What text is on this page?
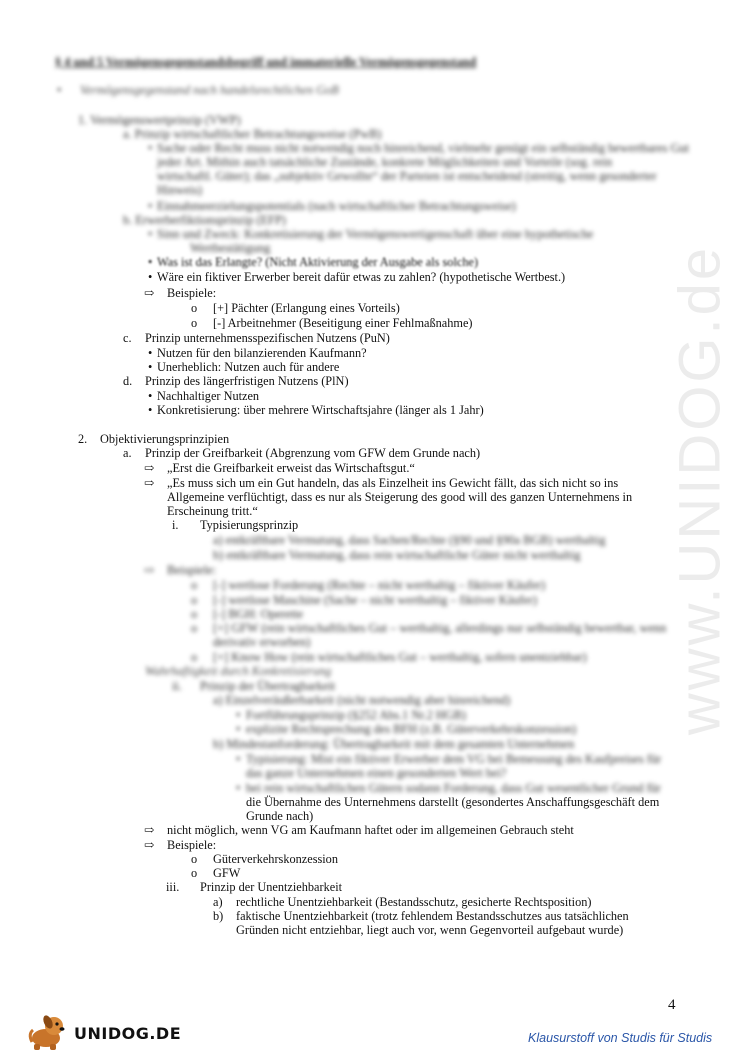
www.UNIDOG.de
§ 4 und 5 Vermögensgegenstandsbegriff und immaterielle Vermögensgegenstand
• Vermögensgegenstand nach handelsrechtlichen GoB
1. Vermögenswertprinzip (VWP)
a. Prinzip wirtschaftlicher Betrachtungsweise (PwB)
• Sache oder Recht muss nicht notwendig noch hinreichend, vielmehr genügt ein selbständig bewertbares Gut
jeder Art. Mithin auch tatsächliche Zustände, konkrete Möglichkeiten und Vorteile (sog. rein
wirtschaftl. Güter); das „subjektiv Gewollte“ der Parteien ist entscheidend (streitig, wenn gesonderter
Hinweis)
• Einnahmeerzielungspotentials (nach wirtschaftlicher Betrachtungsweise)
b. Erwerberfiktionsprinzip (EFP)
• Sinn und Zweck: Konkretisierung der Vermögenswertigenschaft über eine hypothetische
Wertbestätigung
• Was ist das Erlangte? (Nicht Aktivierung der Ausgabe als solche)
• Wäre ein fiktiver Erwerber bereit dafür etwas zu zahlen? (hypothetische Wertbest.)
⇨ Beispiele:
o [+] Pächter (Erlangung eines Vorteils)
o [-] Arbeitnehmer (Beseitigung einer Fehlmaßnahme)
c. Prinzip unternehmensspezifischen Nutzens (PuN)
• Nutzen für den bilanzierenden Kaufmann?
• Unerheblich: Nutzen auch für andere
d. Prinzip des längerfristigen Nutzens (PlN)
• Nachhaltiger Nutzen
• Konkretisierung: über mehrere Wirtschaftsjahre (länger als 1 Jahr)
2. Objektivierungsprinzipien
a. Prinzip der Greifbarkeit (Abgrenzung vom GFW dem Grunde nach)
⇨ „Erst die Greifbarkeit erweist das Wirtschaftsgut.“
⇨ „Es muss sich um ein Gut handeln, das als Einzelheit ins Gewicht fällt, das sich nicht so ins
Allgemeine verflüchtigt, dass es nur als Steigerung des good will des ganzen Unternehmens in
Erscheinung tritt.“
i. Typisierungsprinzip
a) entkräftbare Vermutung, dass Sachen/Rechte (§90 und §90a BGB) werthaltig
b) entkräftbare Vermutung, dass rein wirtschaftliche Güter nicht werthaltig
⇨ Beispiele:
o [-] wertlose Forderung (Rechte – nicht werthaltig – fiktiver Käufer)
o [-] wertlose Maschine (Sache – nicht werthaltig – fiktiver Käufer)
o [-] BGH: Operette
o [+] GFW (rein wirtschaftliches Gut – werthaltig, allerdings nur selbständig bewertbar, wenn
derivativ erworben)
o [+] Know How (rein wirtschaftliches Gut – werthaltig, sofern unentziehbar)
Wahrhaftigkeit durch Konkretisierung
ii. Prinzip der Übertragbarkeit
a) Einzelveräußerbarkeit (nicht notwendig aber hinreichend)
• Fortführungsprinzip (§252 Abs.1 Nr.2 HGB)
• explizite Rechtsprechung des BFH (z.B. Güterverkehrskonzession)
b) Mindestanforderung: Übertragbarkeit mit dem gesamten Unternehmen
• Typisierung: Mist ein fiktiver Erwerber dem VG bei Bemessung des Kaufpreises für
das ganze Unternehmen einen gesonderten Wert bei?
• bei rein wirtschaftlichen Gütern sodann Forderung, dass Gut wesentlicher Grund für
die Übernahme des Unternehmens darstellt (gesondertes Anschaffungsgeschäft dem
Grunde nach)
⇨ nicht möglich, wenn VG am Kaufmann haftet oder im allgemeinen Gebrauch steht
⇨ Beispiele:
o Güterverkehrskonzession
o GFW
iii. Prinzip der Unentziehbarkeit
a) rechtliche Unentziehbarkeit (Bestandsschutz, gesicherte Rechtsposition)
b) faktische Unentziehbarkeit (trotz fehlendem Bestandsschutzes aus tatsächlichen
Gründen nicht entziehbar, liegt auch vor, wenn Gegenvorteil aufgebaut wurde)
4
UNIDOG.DE	Klausurstoff von Studis für Studis
